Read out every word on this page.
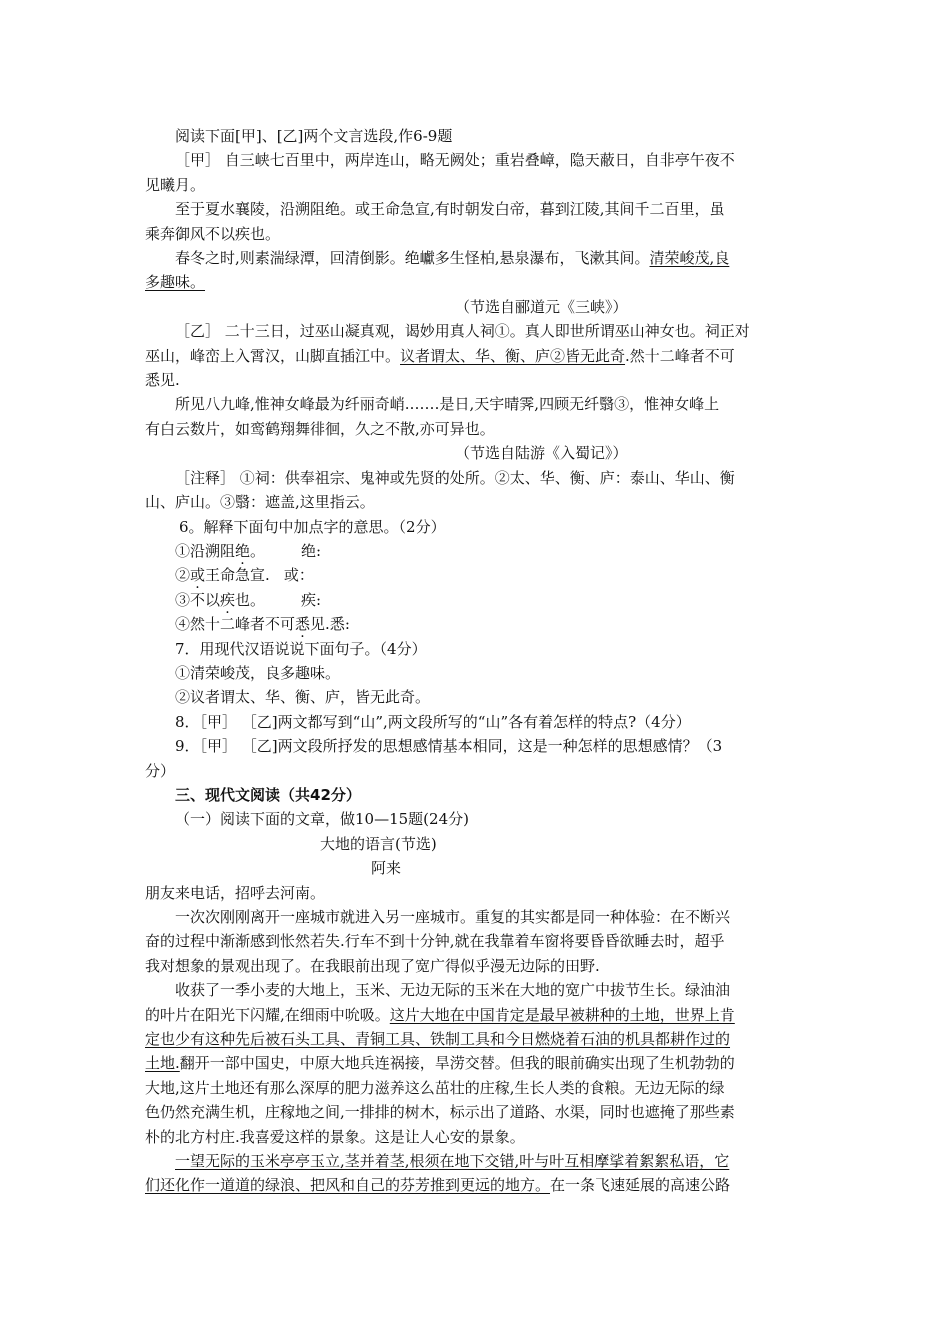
阅读下面[甲]、[乙]两个文言选段,作6-9题
［甲］ 自三峡七百里中，两岸连山，略无阙处；重岩叠嶂，隐天蔽日，自非亭午夜不
见曦月。
至于夏水襄陵，沿溯阻绝。或王命急宣,有时朝发白帝，暮到江陵,其间千二百里，虽
乘奔御风不以疾也。
春冬之时,则素湍绿潭，回清倒影。绝巘多生怪柏,悬泉瀑布，飞漱其间。清荣峻茂,良
多趣味。
（节选自郦道元《三峡》）
［乙］ 二十三日，过巫山凝真观，谒妙用真人祠①。真人即世所谓巫山神女也。祠正对
巫山，峰峦上入霄汉，山脚直插江中。议者谓太、华、衡、庐②皆无此奇.然十二峰者不可
悉见.
所见八九峰,惟神女峰最为纤丽奇峭.……是日,天宇晴霁,四顾无纤翳③，惟神女峰上
有白云数片，如鸾鹤翔舞徘徊，久之不散,亦可异也。
（节选自陆游《入蜀记》）
［注释］ ①祠：供奉祖宗、鬼神或先贤的处所。②太、华、衡、庐：泰山、华山、衡
山、庐山。③翳：遮盖,这里指云。
6。解释下面句中加点字的意思。（2分）
①沿溯阻绝。 绝:
②或王命急宣. 或：
③不以疾也。 疾:
④然十二峰者不可悉见.悉:
7．用现代汉语说说下面句子。（4分）
①清荣峻茂，良多趣味。
②议者谓太、华、衡、庐，皆无此奇。
8．［甲］ ［乙]两文都写到“山”,两文段所写的“山”各有着怎样的特点?（4分）
9．［甲］ ［乙]两文段所抒发的思想感情基本相同，这是一种怎样的思想感情？（3
分）
三、现代文阅读（共42分）
（一）阅读下面的文章，做10—15题(24分)
大地的语言(节选)
阿来
朋友来电话，招呼去河南。
一次次刚刚离开一座城市就进入另一座城市。重复的其实都是同一种体验：在不断兴
奋的过程中渐渐感到怅然若失.行车不到十分钟,就在我靠着车窗将要昏昏欲睡去时，超乎
我对想象的景观出现了。在我眼前出现了宽广得似乎漫无边际的田野.
收获了一季小麦的大地上，玉米、无边无际的玉米在大地的宽广中拔节生长。绿油油
的叶片在阳光下闪耀,在细雨中吮吸。这片大地在中国肯定是最早被耕种的土地，世界上肯
定也少有这种先后被石头工具、青铜工具、铁制工具和今日燃烧着石油的机具都耕作过的
土地.翻开一部中国史，中原大地兵连祸接，旱涝交替。但我的眼前确实出现了生机勃勃的
大地,这片土地还有那么深厚的肥力滋养这么茁壮的庄稼,生长人类的食粮。无边无际的绿
色仍然充满生机，庄稼地之间,一排排的树木，标示出了道路、水渠，同时也遮掩了那些素
朴的北方村庄.我喜爱这样的景象。这是让人心安的景象。
一望无际的玉米亭亭玉立,茎并着茎,根须在地下交错,叶与叶互相摩挲着絮絮私语，它
们还化作一道道的绿浪、把风和自己的芬芳推到更远的地方。在一条飞速延展的高速公路
